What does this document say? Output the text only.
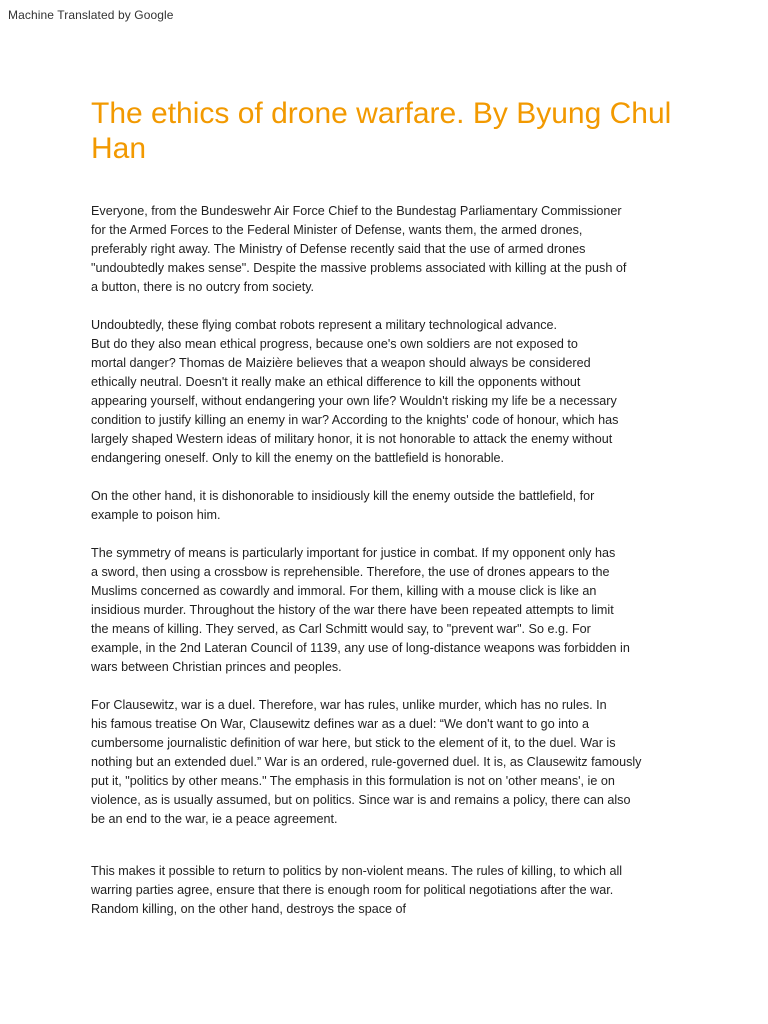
Machine Translated by Google
The ethics of drone warfare. By Byung Chul Han
Everyone, from the Bundeswehr Air Force Chief to the Bundestag Parliamentary Commissioner
for the Armed Forces to the Federal Minister of Defense, wants them, the armed drones,
preferably right away. The Ministry of Defense recently said that the use of armed drones
"undoubtedly makes sense". Despite the massive problems associated with killing at the push of
a button, there is no outcry from society.
Undoubtedly, these flying combat robots represent a military technological advance.
But do they also mean ethical progress, because one's own soldiers are not exposed to
mortal danger? Thomas de Maizière believes that a weapon should always be considered
ethically neutral. Doesn't it really make an ethical difference to kill the opponents without
appearing yourself, without endangering your own life? Wouldn't risking my life be a necessary
condition to justify killing an enemy in war? According to the knights' code of honour, which has
largely shaped Western ideas of military honor, it is not honorable to attack the enemy without
endangering oneself. Only to kill the enemy on the battlefield is honorable.
On the other hand, it is dishonorable to insidiously kill the enemy outside the battlefield, for
example to poison him.
The symmetry of means is particularly important for justice in combat. If my opponent only has
a sword, then using a crossbow is reprehensible. Therefore, the use of drones appears to the
Muslims concerned as cowardly and immoral. For them, killing with a mouse click is like an
insidious murder. Throughout the history of the war there have been repeated attempts to limit
the means of killing. They served, as Carl Schmitt would say, to "prevent war". So e.g. For
example, in the 2nd Lateran Council of 1139, any use of long-distance weapons was forbidden in
wars between Christian princes and peoples.
For Clausewitz, war is a duel. Therefore, war has rules, unlike murder, which has no rules. In
his famous treatise On War, Clausewitz defines war as a duel: “We don't want to go into a
cumbersome journalistic definition of war here, but stick to the element of it, to the duel. War is
nothing but an extended duel.” War is an ordered, rule-governed duel. It is, as Clausewitz famously
put it, "politics by other means." The emphasis in this formulation is not on 'other means', ie on
violence, as is usually assumed, but on politics. Since war is and remains a policy, there can also
be an end to the war, ie a peace agreement.
This makes it possible to return to politics by non-violent means. The rules of killing, to which all
warring parties agree, ensure that there is enough room for political negotiations after the war.
Random killing, on the other hand, destroys the space of
